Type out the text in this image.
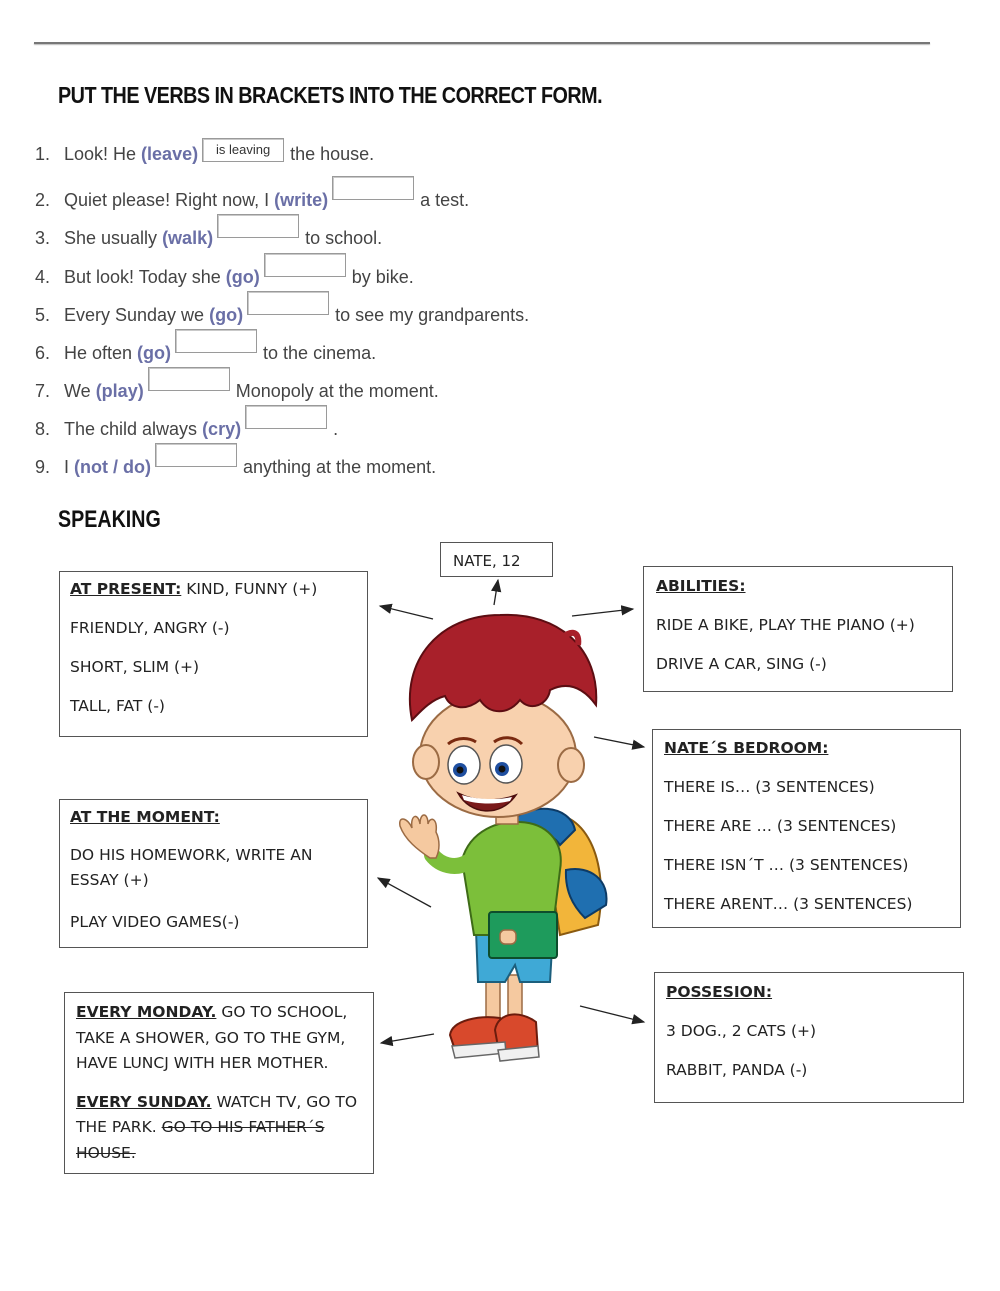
PUT THE VERBS IN BRACKETS INTO THE CORRECT FORM.
1. Look! He (leave) is leaving the house.
2. Quiet please! Right now, I (write)	a test.
3. She usually (walk)	to school.
4. But look! Today she (go)	by bike.
5. Every Sunday we (go)	to see my grandparents.
6. He often (go)	to the cinema.
7. We (play)	Monopoly at the moment.
8. The child always (cry)	.
9. I (not / do)	anything at the moment.
SPEAKING

NATE, 12

AT PRESENT: KIND, FUNNY (+)

FRIENDLY, ANGRY (-)

SHORT, SLIM (+)

TALL, FAT (-)

AT THE MOMENT:

DO HIS HOMEWORK, WRITE AN ESSAY (+)

PLAY VIDEO GAMES(-)

EVERY MONDAY. GO TO SCHOOL, TAKE A SHOWER, GO TO THE GYM, HAVE LUNCJ WITH HER MOTHER.

EVERY SUNDAY. WATCH TV, GO TO THE PARK. GO TO HIS FATHER´S HOUSE.

ABILITIES:

RIDE A BIKE, PLAY THE PIANO (+)

DRIVE A CAR, SING (-)

NATE´S BEDROOM:

THERE IS… (3 SENTENCES)

THERE ARE … (3 SENTENCES)

THERE ISN´T … (3 SENTENCES)

THERE ARENT… (3 SENTENCES)

POSSESION:

3 DOG., 2 CATS (+)

RABBIT, PANDA (-)
